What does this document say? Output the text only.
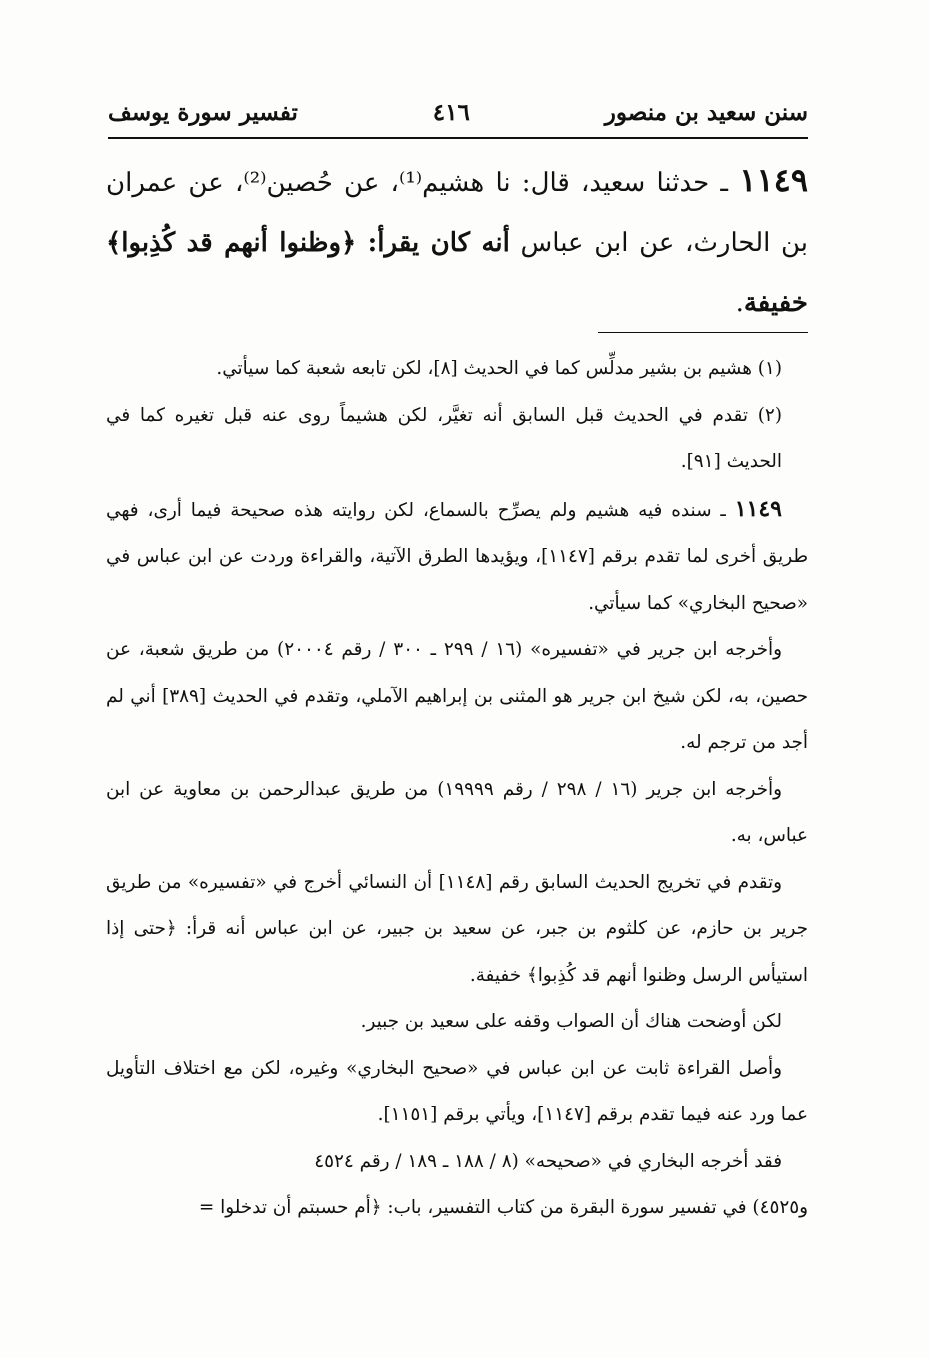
سنن سعيد بن منصور
٤١٦
تفسير سورة يوسف
١١٤٩ ـ حدثنا سعيد، قال: نا هشيم⁽¹⁾، عن حُصين⁽²⁾، عن عمران بن الحارث، عن ابن عباس أنه كان يقرأ: ﴿وظنوا أنهم قد كُذِبوا﴾ خفيفة.

(١) هشيم بن بشير مدلِّس كما في الحديث [٨]، لكن تابعه شعبة كما سيأتي.

(٢) تقدم في الحديث قبل السابق أنه تغيَّر، لكن هشيماً روى عنه قبل تغيره كما في الحديث [٩١].

١١٤٩ ـ سنده فيه هشيم ولم يصرِّح بالسماع، لكن روايته هذه صحيحة فيما أرى، فهي طريق أخرى لما تقدم برقم [١١٤٧]، ويؤيدها الطرق الآتية، والقراءة وردت عن ابن عباس في «صحيح البخاري» كما سيأتي.

وأخرجه ابن جرير في «تفسيره» (١٦ / ٢٩٩ ـ ٣٠٠ / رقم ٢٠٠٠٤) من طريق شعبة، عن حصين، به، لكن شيخ ابن جرير هو المثنى بن إبراهيم الآملي، وتقدم في الحديث [٣٨٩] أني لم أجد من ترجم له.

وأخرجه ابن جرير (١٦ / ٢٩٨ / رقم ١٩٩٩٩) من طريق عبدالرحمن بن معاوية عن ابن عباس، به.

وتقدم في تخريج الحديث السابق رقم [١١٤٨] أن النسائي أخرج في «تفسيره» من طريق جرير بن حازم، عن كلثوم بن جبر، عن سعيد بن جبير، عن ابن عباس أنه قرأ: ﴿حتى إذا استيأس الرسل وظنوا أنهم قد كُذِبوا﴾ خفيفة.

لكن أوضحت هناك أن الصواب وقفه على سعيد بن جبير.

وأصل القراءة ثابت عن ابن عباس في «صحيح البخاري» وغيره، لكن مع اختلاف التأويل عما ورد عنه فيما تقدم برقم [١١٤٧]، ويأتي برقم [١١٥١].

فقد أخرجه البخاري في «صحيحه» (٨ / ١٨٨ ـ ١٨٩ / رقم ٤٥٢٤

و٤٥٢٥) في تفسير سورة البقرة من كتاب التفسير، باب: ﴿أم حسبتم أن تدخلوا =
